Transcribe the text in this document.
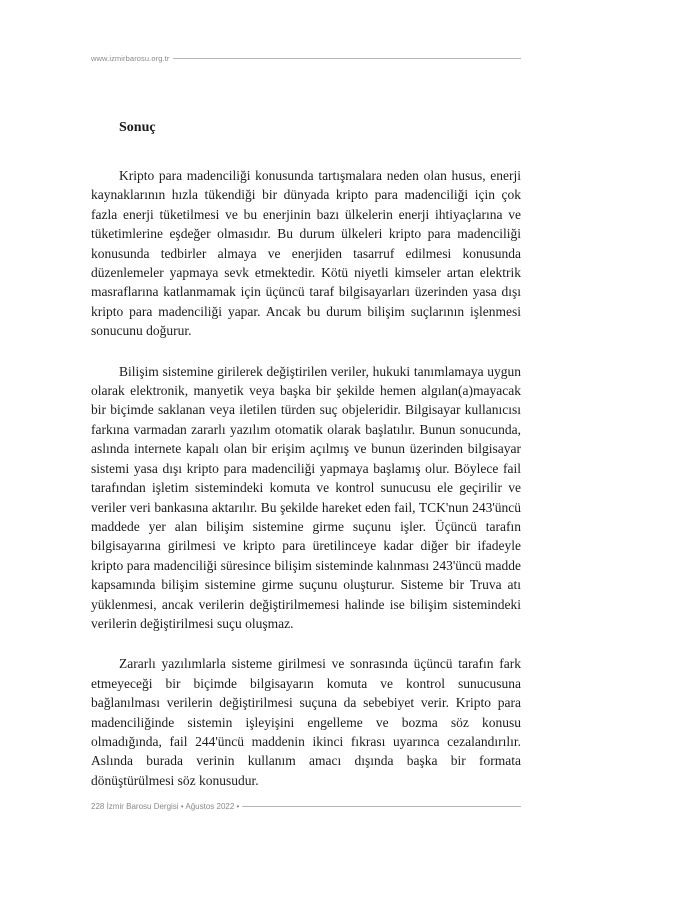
www.izmirbarosu.org.tr
Sonuç

Kripto para madenciliği konusunda tartışmalara neden olan husus, enerji kaynaklarının hızla tükendiği bir dünyada kripto para madenciliği için çok fazla enerji tüketilmesi ve bu enerjinin bazı ülkelerin enerji ihtiyaçlarına ve tüketimlerine eşdeğer olmasıdır. Bu durum ülkeleri kripto para madenciliği konusunda tedbirler almaya ve enerjiden tasarruf edilmesi konusunda düzenlemeler yapmaya sevk etmektedir. Kötü niyetli kimseler artan elektrik masraflarına katlanmamak için üçüncü taraf bilgisayarları üzerinden yasa dışı kripto para madenciliği yapar. Ancak bu durum bilişim suçlarının işlenmesi sonucunu doğurur.

Bilişim sistemine girilerek değiştirilen veriler, hukuki tanımlamaya uygun olarak elektronik, manyetik veya başka bir şekilde hemen algılan(a)mayacak bir biçimde saklanan veya iletilen türden suç objeleridir. Bilgisayar kullanıcısı farkına varmadan zararlı yazılım otomatik olarak başlatılır. Bunun sonucunda, aslında internete kapalı olan bir erişim açılmış ve bunun üzerinden bilgisayar sistemi yasa dışı kripto para madenciliği yapmaya başlamış olur. Böylece fail tarafından işletim sistemindeki komuta ve kontrol sunucusu ele geçirilir ve veriler veri bankasına aktarılır. Bu şekilde hareket eden fail, TCK'nun 243'üncü maddede yer alan bilişim sistemine girme suçunu işler. Üçüncü tarafın bilgisayarına girilmesi ve kripto para üretilinceye kadar diğer bir ifadeyle kripto para madenciliği süresince bilişim sisteminde kalınması 243'üncü madde kapsamında bilişim sistemine girme suçunu oluşturur. Sisteme bir Truva atı yüklenmesi, ancak verilerin değiştirilmemesi halinde ise bilişim sistemindeki verilerin değiştirilmesi suçu oluşmaz.

Zararlı yazılımlarla sisteme girilmesi ve sonrasında üçüncü tarafın fark etmeyeceği bir biçimde bilgisayarın komuta ve kontrol sunucusuna bağlanılması verilerin değiştirilmesi suçuna da sebebiyet verir. Kripto para madenciliğinde sistemin işleyişini engelleme ve bozma söz konusu olmadığında, fail 244'üncü maddenin ikinci fıkrası uyarınca cezalandırılır. Aslında burada verinin kullanım amacı dışında başka bir formata dönüştürülmesi söz konusudur.

228 İzmir Barosu Dergisi • Ağustos 2022 •
